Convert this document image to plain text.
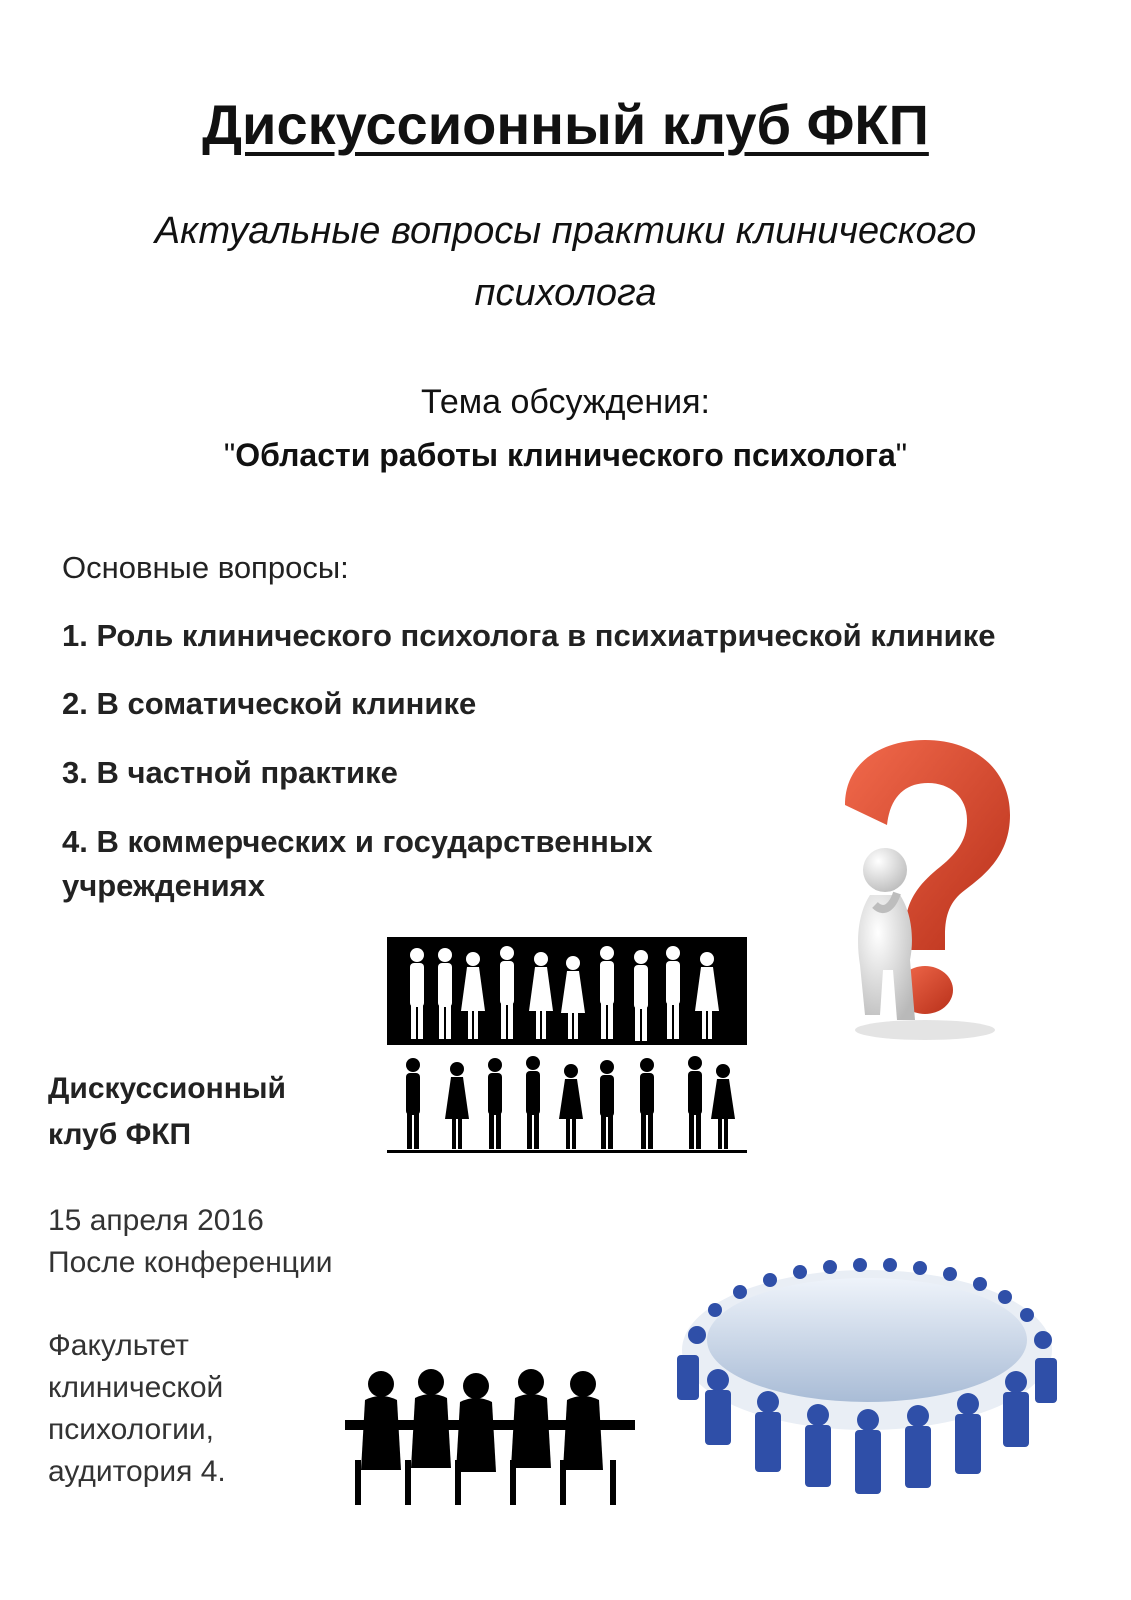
Дискуссионный клуб ФКП
Актуальные вопросы практики клинического психолога
Тема обсуждения:
"Области работы клинического психолога"
Основные вопросы:
1. Роль клинического психолога в психиатрической клинике
2. В соматической клинике
3. В частной практике
4. В коммерческих и государственных учреждениях
Дискуссионный
клуб ФКП
15 апреля 2016
После конференции
Факультет
клинической
психологии,
аудитория 4.
